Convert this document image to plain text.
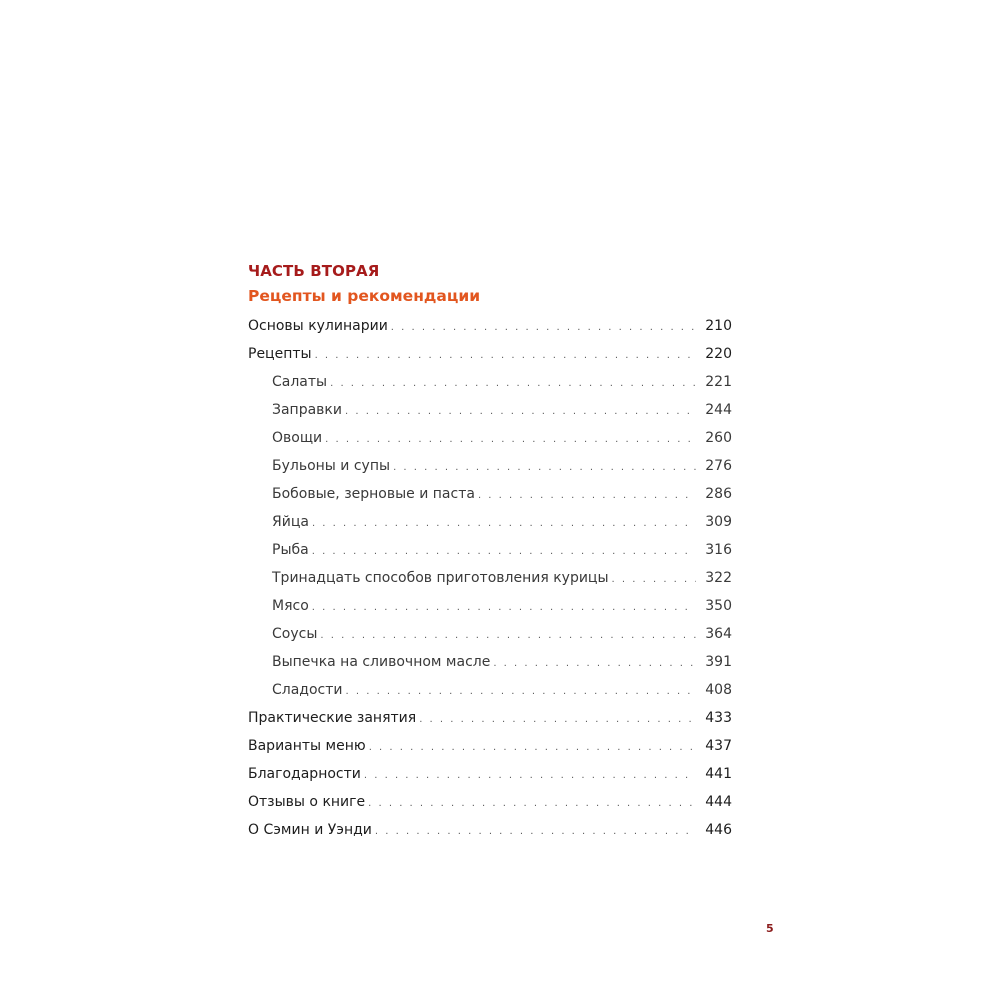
ЧАСТЬ ВТОРАЯ
Рецепты и рекомендации
Основы кулинарии . . .	210
Рецепты . . .	220
Салаты . . .	221
Заправки . . .	244
Овощи . . .	260
Бульоны и супы . . .	276
Бобовые, зерновые и паста . . .	286
Яйца . . .	309
Рыба . . .	316
Тринадцать способов приготовления курицы . . .	322
Мясо . . .	350
Соусы . . .	364
Выпечка на сливочном масле . . .	391
Сладости . . .	408
Практические занятия . . .	433
Варианты меню . . .	437
Благодарности . . .	441
Отзывы о книге . . .	444
О Сэмин и Уэнди . . .	446
5
